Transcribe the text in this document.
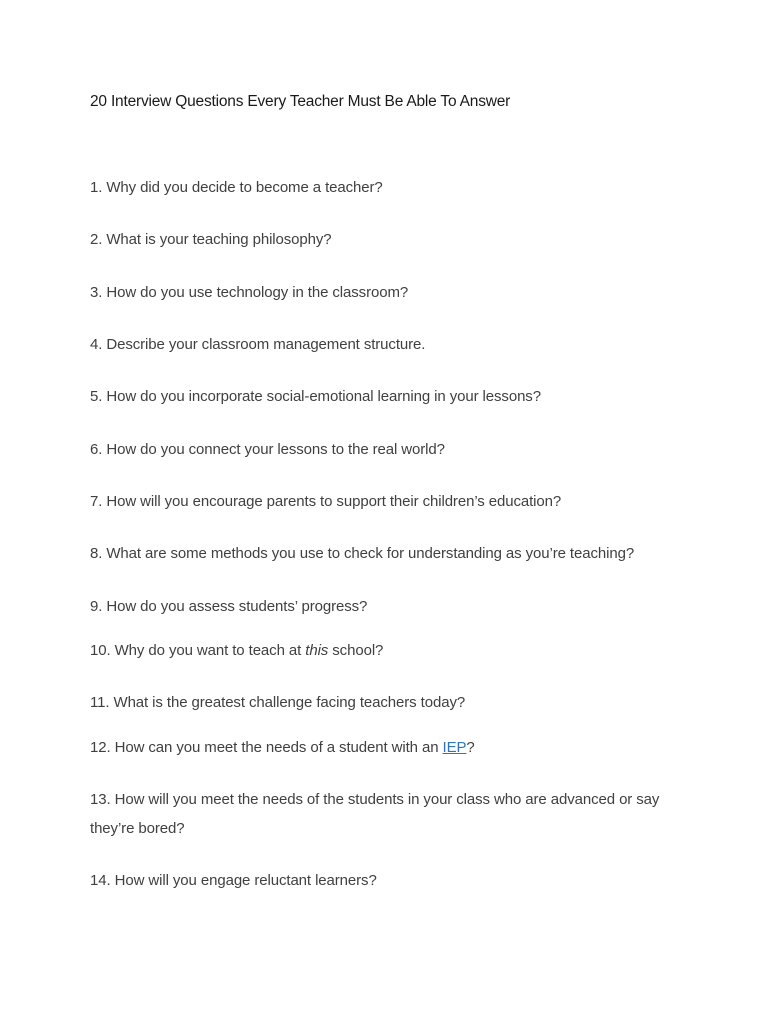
20 Interview Questions Every Teacher Must Be Able To Answer
1. Why did you decide to become a teacher?
2. What is your teaching philosophy?
3. How do you use technology in the classroom?
4. Describe your classroom management structure.
5. How do you incorporate social-emotional learning in your lessons?
6. How do you connect your lessons to the real world?
7. How will you encourage parents to support their children’s education?
8. What are some methods you use to check for understanding as you’re teaching?
9. How do you assess students’ progress?
10. Why do you want to teach at this school?
11. What is the greatest challenge facing teachers today?
12. How can you meet the needs of a student with an IEP?
13. How will you meet the needs of the students in your class who are advanced or say they’re bored?
14. How will you engage reluctant learners?
